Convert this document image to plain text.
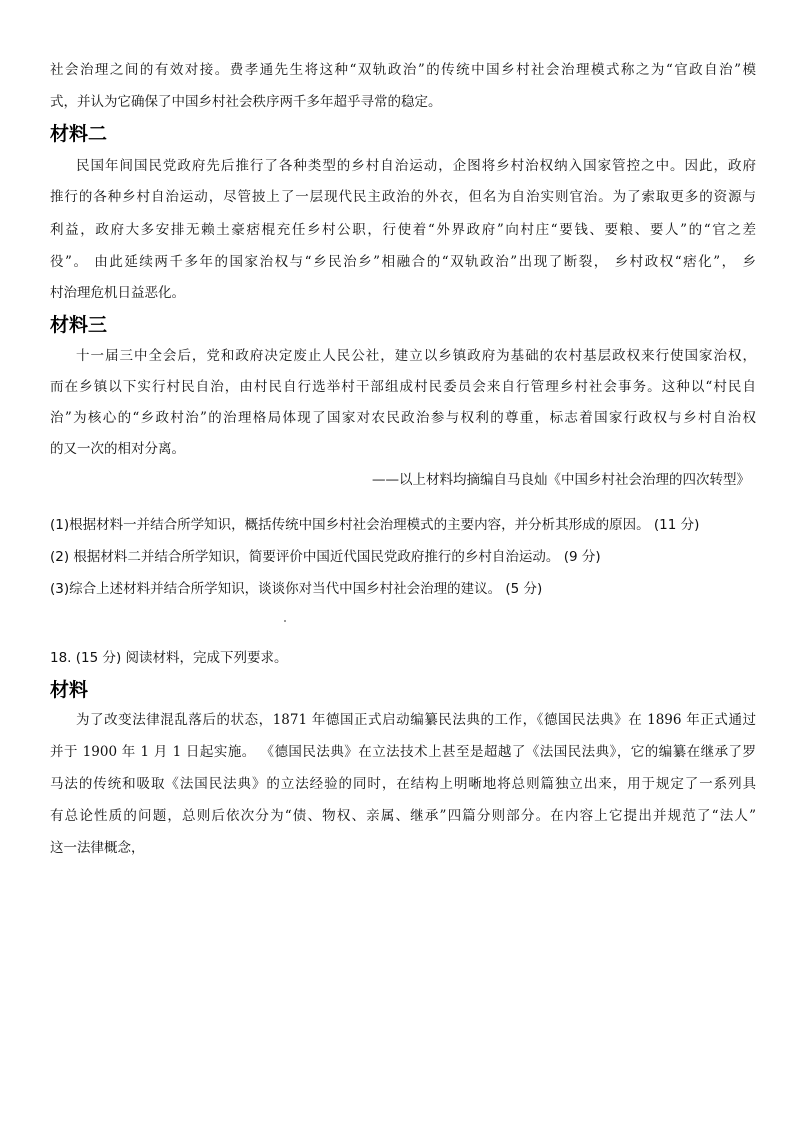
社会治理之间的有效对接。费孝通先生将这种“双轨政治”的传统中国乡村社会治理模式称之为“官政自治”模
式，并认为它确保了中国乡村社会秩序两千多年超乎寻常的稳定。
材料二
民国年间国民党政府先后推行了各种类型的乡村自治运动，企图将乡村治权纳入国家管控之中。因此，政府
推行的各种乡村自治运动，尽管披上了一层现代民主政治的外衣，但名为自治实则官治。为了索取更多的资源与
利益，政府大多安排无赖土豪痞棍充任乡村公职，行使着“外界政府”向村庄“要钱、要粮、要人”的“官之差
役”。 由此延续两千多年的国家治权与“乡民治乡”相融合的“双轨政治”出现了断裂， 乡村政权“痞化”， 乡
村治理危机日益恶化。
材料三
十一届三中全会后，党和政府决定废止人民公社，建立以乡镇政府为基础的农村基层政权来行使国家治权，
而在乡镇以下实行村民自治，由村民自行选举村干部组成村民委员会来自行管理乡村社会事务。这种以“村民自
治”为核心的“乡政村治”的治理格局体现了国家对农民政治参与权利的尊重，标志着国家行政权与乡村自治权
的又一次的相对分离。
——以上材料均摘编自马良灿《中国乡村社会治理的四次转型》
(1)根据材料一并结合所学知识，概括传统中国乡村社会治理模式的主要内容，并分析其形成的原因。 (11 分)
(2) 根据材料二并结合所学知识，简要评价中国近代国民党政府推行的乡村自治运动。 (9 分)
(3)综合上述材料并结合所学知识，谈谈你对当代中国乡村社会治理的建议。 (5 分)
18. (15 分) 阅读材料，完成下列要求。
材料
为了改变法律混乱落后的状态，1871 年德国正式启动编纂民法典的工作，《德国民法典》在 1896 年正式通过
并于 1900 年 1 月 1 日起实施。 《德国民法典》在立法技术上甚至是超越了《法国民法典》，它的编纂在继承了罗
马法的传统和吸取《法国民法典》的立法经验的同时，在结构上明晰地将总则篇独立出来，用于规定了一系列具
有总论性质的问题，总则后依次分为“债、物权、亲属、继承”四篇分则部分。在内容上它提出并规范了“法人”
这一法律概念，
